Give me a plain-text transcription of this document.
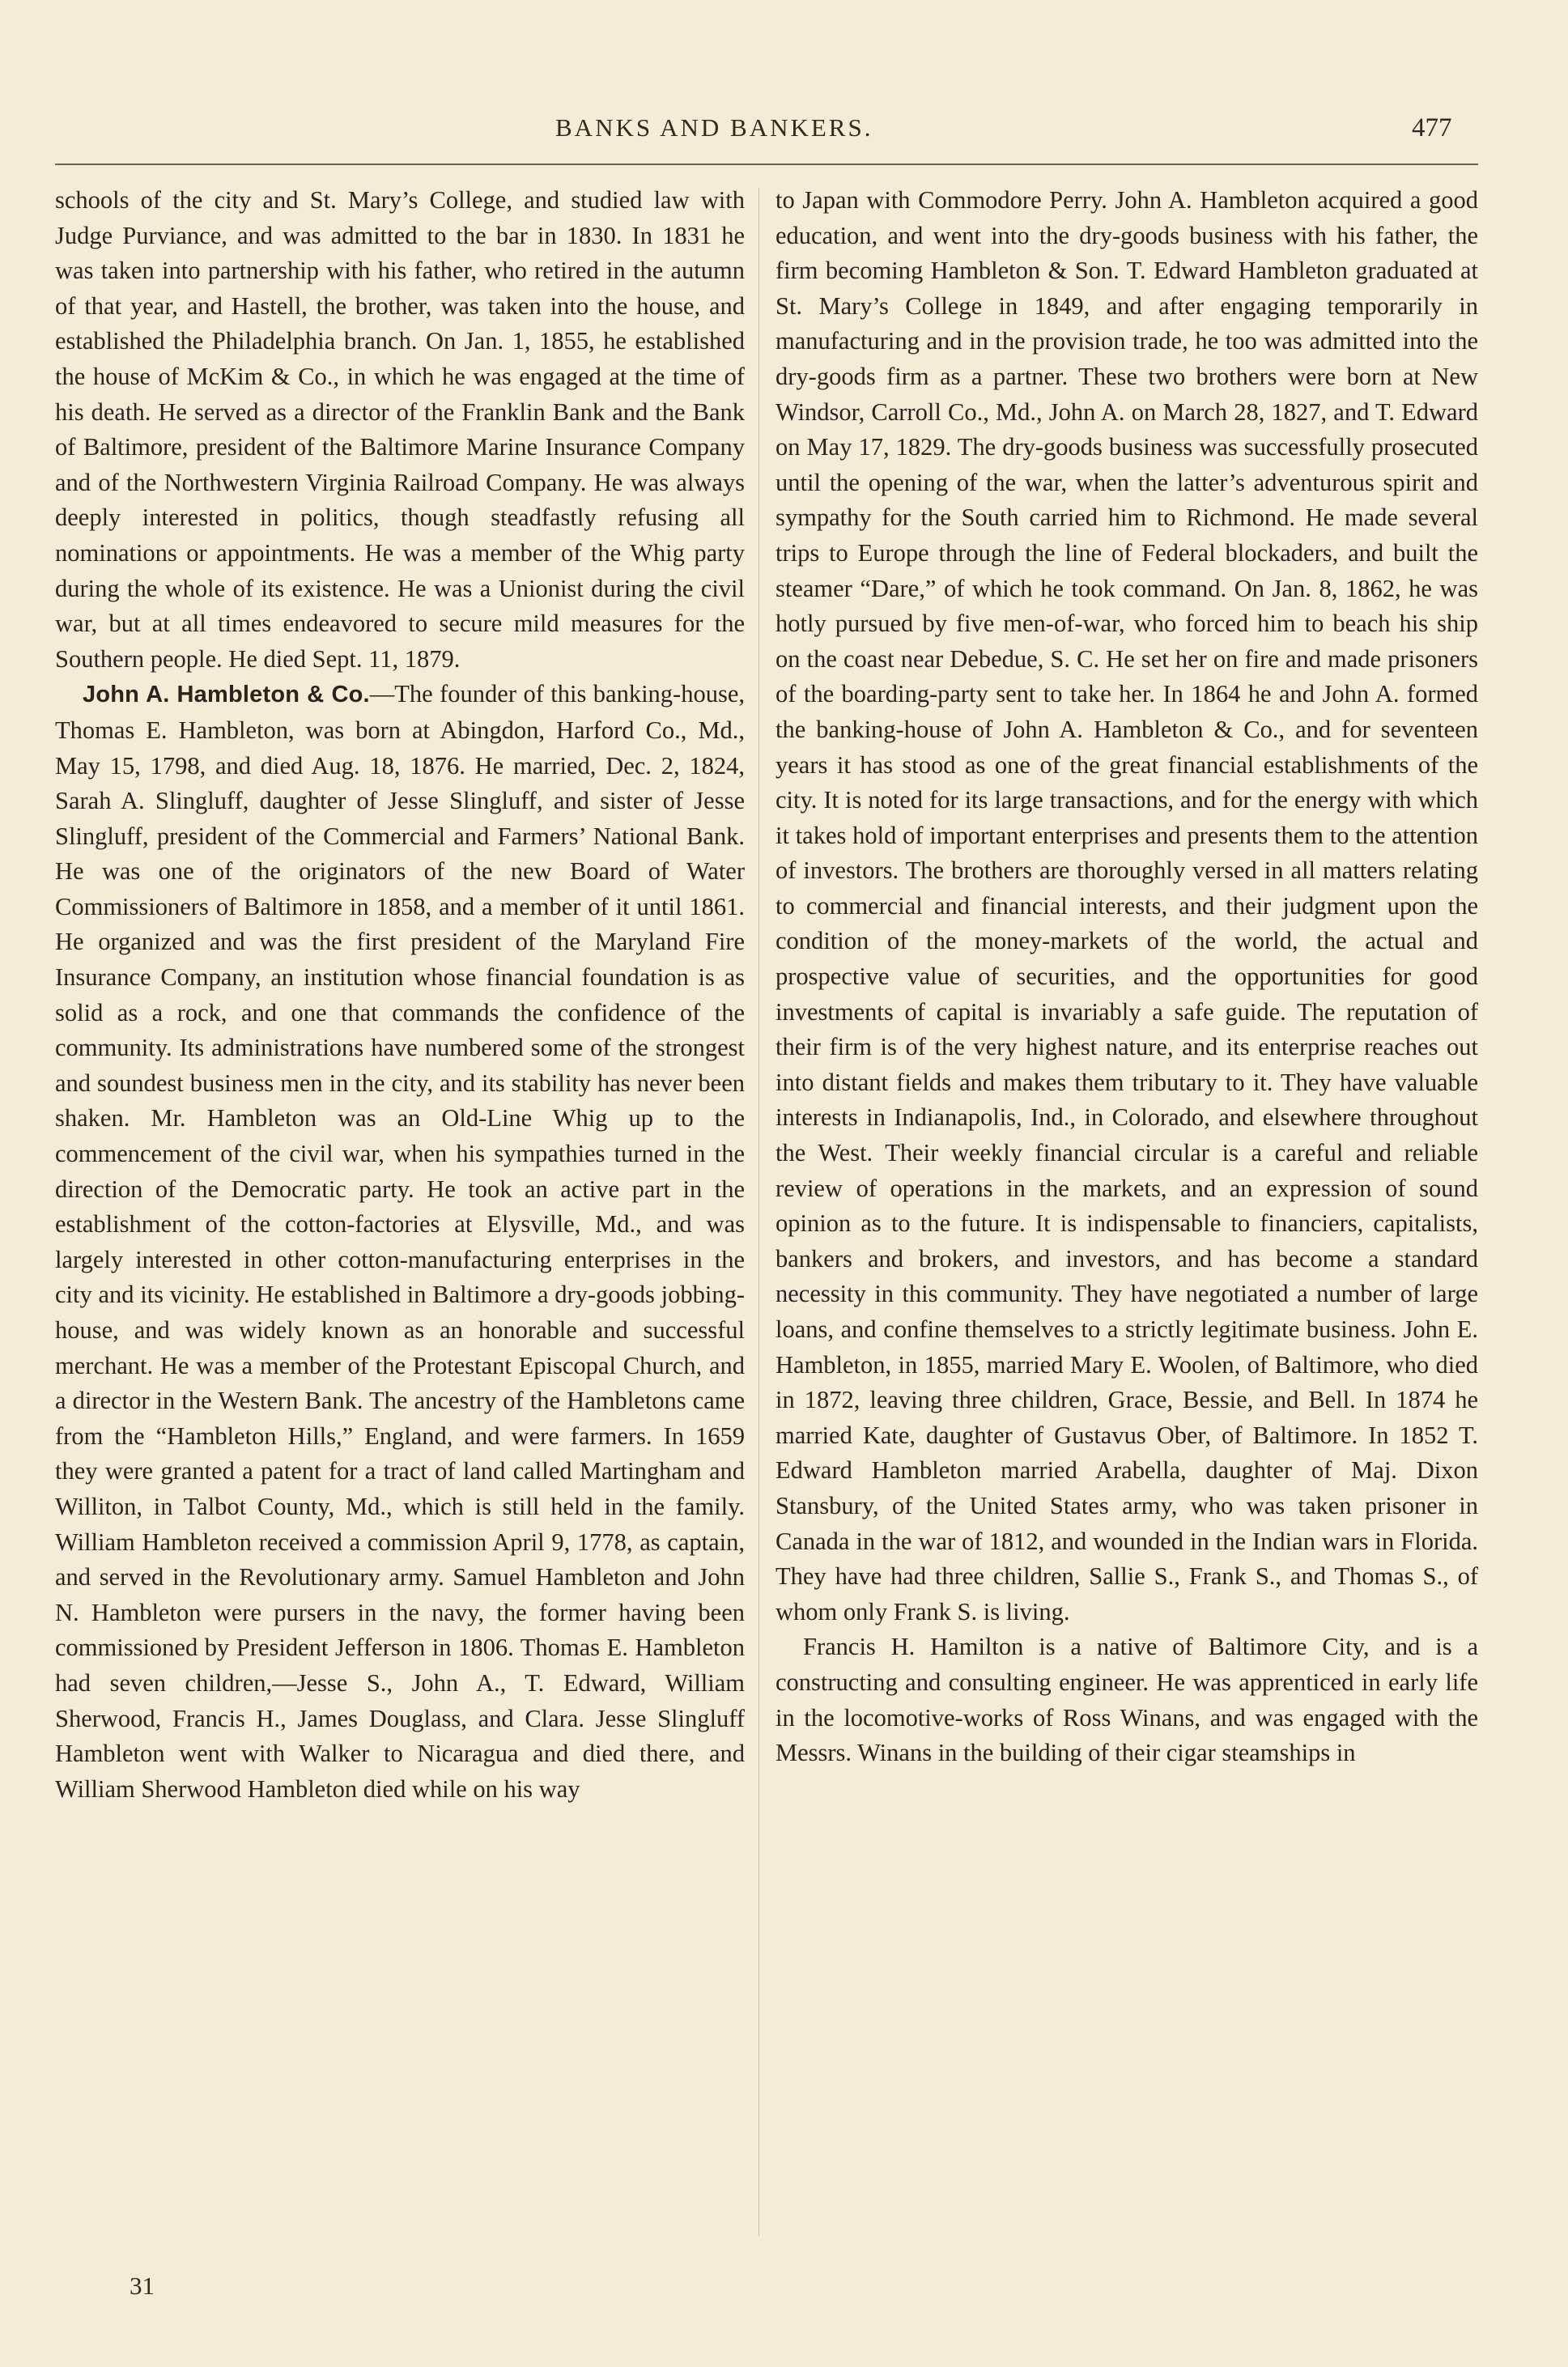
BANKS AND BANKERS.	477

schools of the city and St. Mary’s College, and studied law with Judge Purviance, and was admitted to the bar in 1830. In 1831 he was taken into partnership with his father, who retired in the autumn of that year, and Hastell, the brother, was taken into the house, and established the Philadelphia branch. On Jan. 1, 1855, he established the house of McKim & Co., in which he was engaged at the time of his death. He served as a director of the Franklin Bank and the Bank of Baltimore, president of the Baltimore Marine Insurance Company and of the Northwestern Virginia Railroad Company. He was always deeply interested in politics, though steadfastly refusing all nominations or appointments. He was a member of the Whig party during the whole of its existence. He was a Unionist during the civil war, but at all times endeavored to secure mild measures for the Southern people. He died Sept. 11, 1879.

John A. Hambleton & Co.—The founder of this banking-house, Thomas E. Hambleton, was born at Abingdon, Harford Co., Md., May 15, 1798, and died Aug. 18, 1876. He married, Dec. 2, 1824, Sarah A. Slingluff, daughter of Jesse Slingluff, and sister of Jesse Slingluff, president of the Commercial and Farmers’ National Bank. He was one of the originators of the new Board of Water Commissioners of Baltimore in 1858, and a member of it until 1861. He organized and was the first president of the Maryland Fire Insurance Company, an institution whose financial foundation is as solid as a rock, and one that commands the confidence of the community. Its administrations have numbered some of the strongest and soundest business men in the city, and its stability has never been shaken. Mr. Hambleton was an Old-Line Whig up to the commencement of the civil war, when his sympathies turned in the direction of the Democratic party. He took an active part in the establishment of the cotton-factories at Elysville, Md., and was largely interested in other cotton-manufacturing enterprises in the city and its vicinity. He established in Baltimore a dry-goods jobbing-house, and was widely known as an honorable and successful merchant. He was a member of the Protestant Episcopal Church, and a director in the Western Bank. The ancestry of the Hambletons came from the “Hambleton Hills,” England, and were farmers. In 1659 they were granted a patent for a tract of land called Martingham and Williton, in Talbot County, Md., which is still held in the family. William Hambleton received a commission April 9, 1778, as captain, and served in the Revolutionary army. Samuel Hambleton and John N. Hambleton were pursers in the navy, the former having been commissioned by President Jefferson in 1806. Thomas E. Hambleton had seven children,—Jesse S., John A., T. Edward, William Sherwood, Francis H., James Douglass, and Clara. Jesse Slingluff Hambleton went with Walker to Nicaragua and died there, and William Sherwood Hambleton died while on his way

to Japan with Commodore Perry. John A. Hambleton acquired a good education, and went into the dry-goods business with his father, the firm becoming Hambleton & Son. T. Edward Hambleton graduated at St. Mary’s College in 1849, and after engaging temporarily in manufacturing and in the provision trade, he too was admitted into the dry-goods firm as a partner. These two brothers were born at New Windsor, Carroll Co., Md., John A. on March 28, 1827, and T. Edward on May 17, 1829. The dry-goods business was successfully prosecuted until the opening of the war, when the latter’s adventurous spirit and sympathy for the South carried him to Richmond. He made several trips to Europe through the line of Federal blockaders, and built the steamer “Dare,” of which he took command. On Jan. 8, 1862, he was hotly pursued by five men-of-war, who forced him to beach his ship on the coast near Debedue, S. C. He set her on fire and made prisoners of the boarding-party sent to take her. In 1864 he and John A. formed the banking-house of John A. Hambleton & Co., and for seventeen years it has stood as one of the great financial establishments of the city. It is noted for its large transactions, and for the energy with which it takes hold of important enterprises and presents them to the attention of investors. The brothers are thoroughly versed in all matters relating to commercial and financial interests, and their judgment upon the condition of the money-markets of the world, the actual and prospective value of securities, and the opportunities for good investments of capital is invariably a safe guide. The reputation of their firm is of the very highest nature, and its enterprise reaches out into distant fields and makes them tributary to it. They have valuable interests in Indianapolis, Ind., in Colorado, and elsewhere throughout the West. Their weekly financial circular is a careful and reliable review of operations in the markets, and an expression of sound opinion as to the future. It is indispensable to financiers, capitalists, bankers and brokers, and investors, and has become a standard necessity in this community. They have negotiated a number of large loans, and confine themselves to a strictly legitimate business. John E. Hambleton, in 1855, married Mary E. Woolen, of Baltimore, who died in 1872, leaving three children, Grace, Bessie, and Bell. In 1874 he married Kate, daughter of Gustavus Ober, of Baltimore. In 1852 T. Edward Hambleton married Arabella, daughter of Maj. Dixon Stansbury, of the United States army, who was taken prisoner in Canada in the war of 1812, and wounded in the Indian wars in Florida. They have had three children, Sallie S., Frank S., and Thomas S., of whom only Frank S. is living.

Francis H. Hamilton is a native of Baltimore City, and is a constructing and consulting engineer. He was apprenticed in early life in the locomotive-works of Ross Winans, and was engaged with the Messrs. Winans in the building of their cigar steamships in

31
